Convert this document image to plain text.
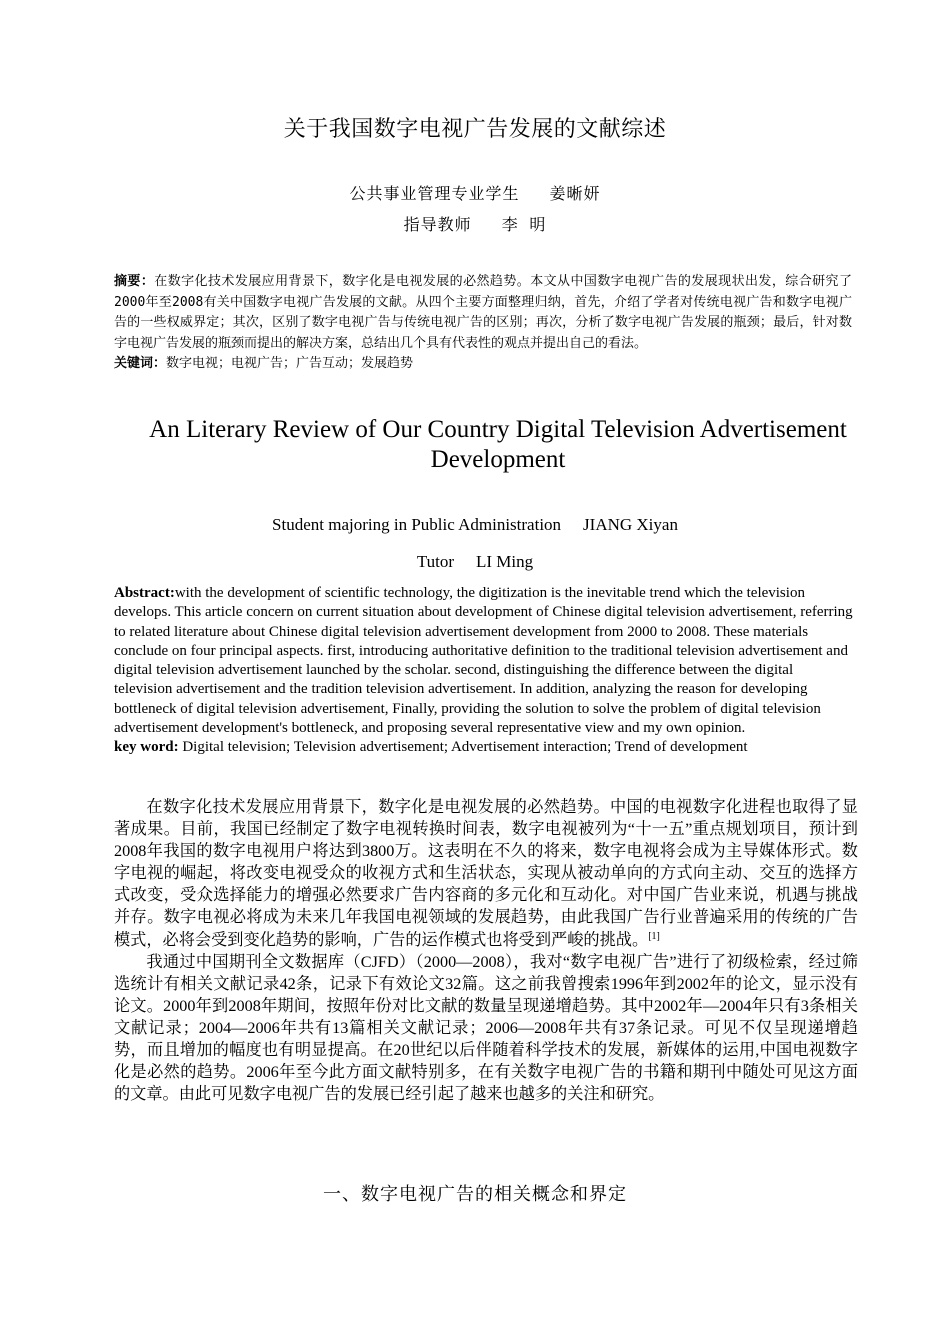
关于我国数字电视广告发展的文献综述
公共事业管理专业学生 姜晰妍
指导教师 李 明
摘要：在数字化技术发展应用背景下，数字化是电视发展的必然趋势。本文从中国数字电视广告的发展现状出发，综合研究了2000年至2008有关中国数字电视广告发展的文献。从四个主要方面整理归纳，首先，介绍了学者对传统电视广告和数字电视广告的一些权威界定；其次，区别了数字电视广告与传统电视广告的区别；再次，分析了数字电视广告发展的瓶颈；最后，针对数字电视广告发展的瓶颈而提出的解决方案，总结出几个具有代表性的观点并提出自己的看法。
关键词：数字电视；电视广告；广告互动；发展趋势
An Literary Review of Our Country Digital Television Advertisement Development
Student majoring in Public Administration JIANG Xiyan
Tutor LI Ming
Abstract:with the development of scientific technology, the digitization is the inevitable trend which the television develops. This article concern on current situation about development of Chinese digital television advertisement, referring to related literature about Chinese digital television advertisement development from 2000 to 2008. These materials conclude on four principal aspects. first, introducing authoritative definition to the traditional television advertisement and digital television advertisement launched by the scholar. second, distinguishing the difference between the digital television advertisement and the tradition television advertisement. In addition, analyzing the reason for developing bottleneck of digital television advertisement, Finally, providing the solution to solve the problem of digital television advertisement development's bottleneck, and proposing several representative view and my own opinion.
key word: Digital television; Television advertisement; Advertisement interaction; Trend of development

在数字化技术发展应用背景下，数字化是电视发展的必然趋势。中国的电视数字化进程也取得了显著成果。目前，我国已经制定了数字电视转换时间表，数字电视被列为“十一五”重点规划项目，预计到2008年我国的数字电视用户将达到3800万。这表明在不久的将来，数字电视将会成为主导媒体形式。数字电视的崛起，将改变电视受众的收视方式和生活状态，实现从被动单向的方式向主动、交互的选择方式改变，受众选择能力的增强必然要求广告内容商的多元化和互动化。对中国广告业来说，机遇与挑战并存。数字电视必将成为未来几年我国电视领域的发展趋势，由此我国广告行业普遍采用的传统的广告模式，必将会受到变化趋势的影响，广告的运作模式也将受到严峻的挑战。[1]

我通过中国期刊全文数据库（CJFD）（2000—2008），我对“数字电视广告”进行了初级检索，经过筛选统计有相关文献记录42条，记录下有效论文32篇。这之前我曾搜索1996年到2002年的论文，显示没有论文。2000年到2008年期间，按照年份对比文献的数量呈现递增趋势。其中2002年—2004年只有3条相关文献记录；2004—2006年共有13篇相关文献记录；2006—2008年共有37条记录。可见不仅呈现递增趋势，而且增加的幅度也有明显提高。在20世纪以后伴随着科学技术的发展，新媒体的运用,中国电视数字化是必然的趋势。2006年至今此方面文献特别多，在有关数字电视广告的书籍和期刊中随处可见这方面的文章。由此可见数字电视广告的发展已经引起了越来也越多的关注和研究。

一、数字电视广告的相关概念和界定
